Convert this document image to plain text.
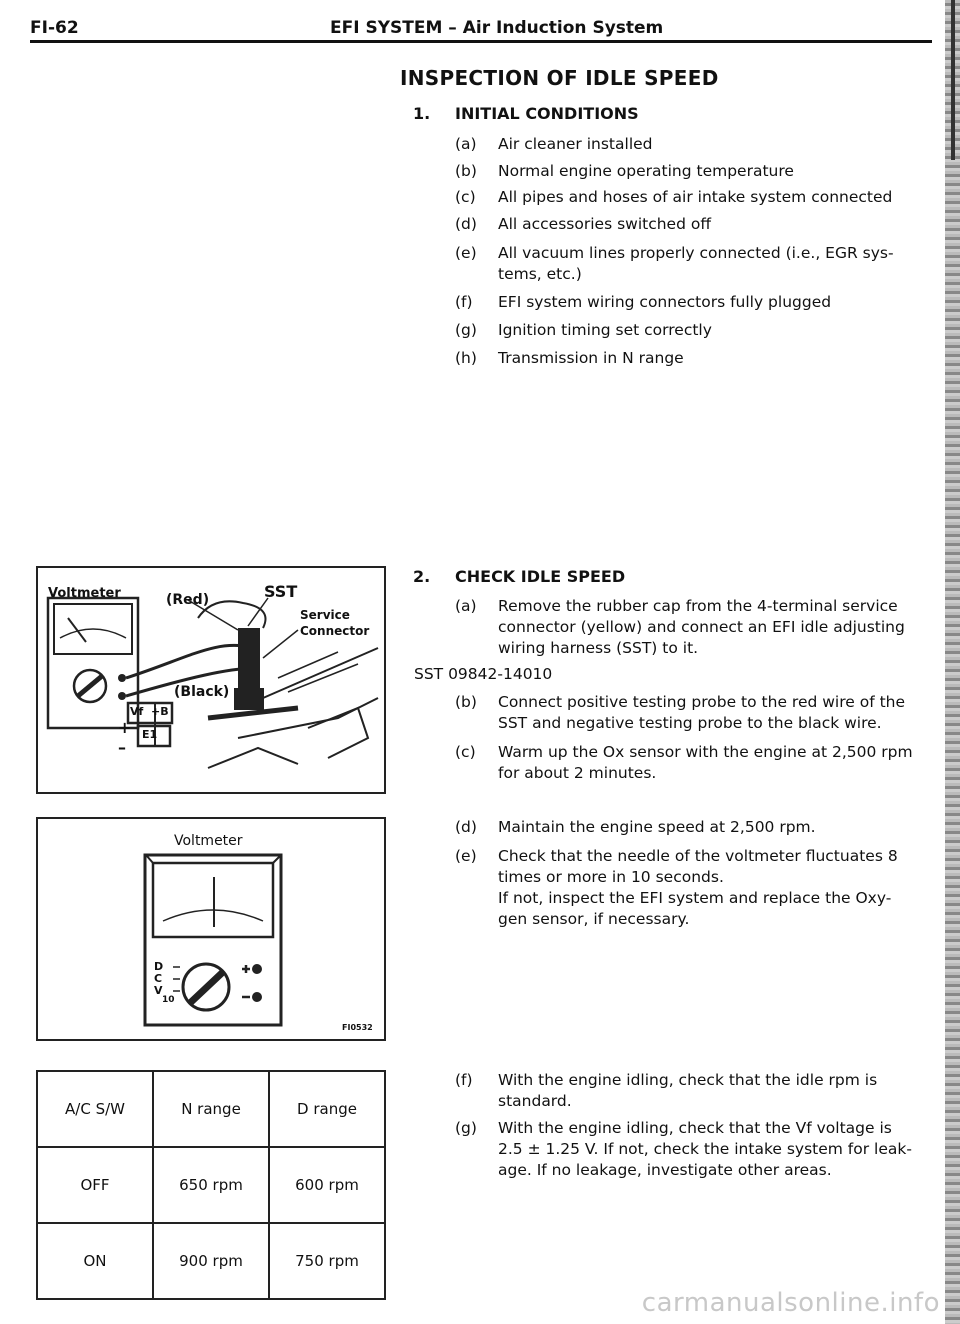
FI-62	EFI SYSTEM – Air Induction System
INSPECTION OF IDLE SPEED
1. INITIAL CONDITIONS
(a)	Air cleaner installed
(b)	Normal engine operating temperature
(c)	All pipes and hoses of air intake system connected
(d)	All accessories switched off
(e)	All vacuum lines properly connected (i.e., EGR sys-
tems, etc.)
(f)	EFI system wiring connectors fully plugged
(g)	Ignition timing set correctly
(h)	Transmission in N range
2. CHECK IDLE SPEED
(a)	Remove the rubber cap from the 4-terminal service
connector (yellow) and connect an EFI idle adjusting
wiring harness (SST) to it.
SST 09842-14010
(b)	Connect positive testing probe to the red wire of the
SST and negative testing probe to the black wire.
(c)	Warm up the Ox sensor with the engine at 2,500 rpm
for about 2 minutes.
(d)	Maintain the engine speed at 2,500 rpm.
(e)	Check that the needle of the voltmeter fluctuates 8
times or more in 10 seconds.
If not, inspect the EFI system and replace the Oxy-
gen sensor, if necessary.
(f)	With the engine idling, check that the idle rpm is
standard.
(g)	With the engine idling, check that the Vf voltage is
2.5 ± 1.25 V. If not, check the intake system for leak-
age. If no leakage, investigate other areas.
Voltmeter	(Red)	SST
Service
Connector
(Black)
+
–
Vf +B
E1
Voltmeter
DCV
10
FI0532
A/C S/W	N range	D range
OFF	650 rpm	600 rpm
ON	900 rpm	750 rpm
carmanualsonline.info
